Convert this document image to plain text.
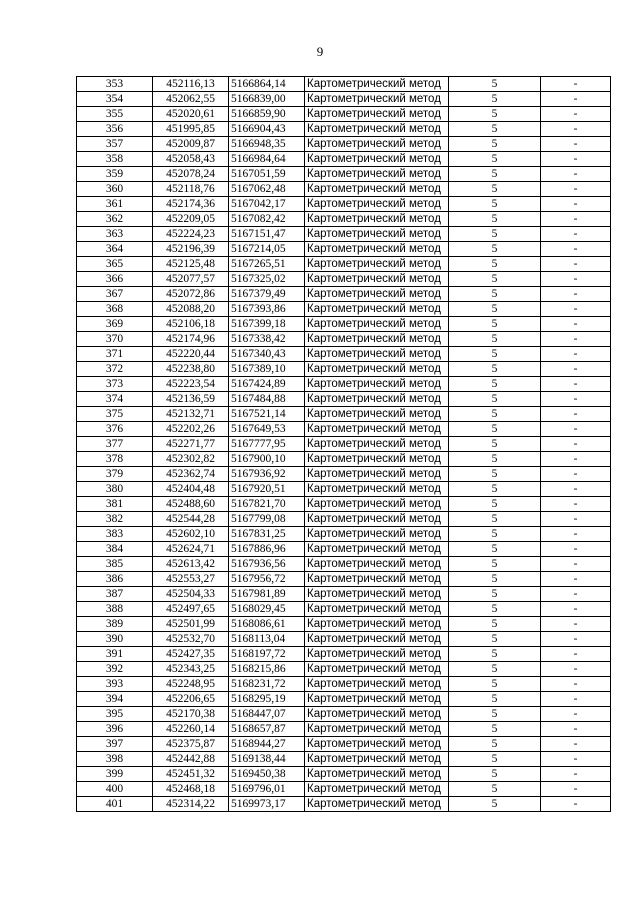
9
353	452116,13	5166864,14	Картометрический метод	5	-
354	452062,55	5166839,00	Картометрический метод	5	-
355	452020,61	5166859,90	Картометрический метод	5	-
356	451995,85	5166904,43	Картометрический метод	5	-
357	452009,87	5166948,35	Картометрический метод	5	-
358	452058,43	5166984,64	Картометрический метод	5	-
359	452078,24	5167051,59	Картометрический метод	5	-
360	452118,76	5167062,48	Картометрический метод	5	-
361	452174,36	5167042,17	Картометрический метод	5	-
362	452209,05	5167082,42	Картометрический метод	5	-
363	452224,23	5167151,47	Картометрический метод	5	-
364	452196,39	5167214,05	Картометрический метод	5	-
365	452125,48	5167265,51	Картометрический метод	5	-
366	452077,57	5167325,02	Картометрический метод	5	-
367	452072,86	5167379,49	Картометрический метод	5	-
368	452088,20	5167393,86	Картометрический метод	5	-
369	452106,18	5167399,18	Картометрический метод	5	-
370	452174,96	5167338,42	Картометрический метод	5	-
371	452220,44	5167340,43	Картометрический метод	5	-
372	452238,80	5167389,10	Картометрический метод	5	-
373	452223,54	5167424,89	Картометрический метод	5	-
374	452136,59	5167484,88	Картометрический метод	5	-
375	452132,71	5167521,14	Картометрический метод	5	-
376	452202,26	5167649,53	Картометрический метод	5	-
377	452271,77	5167777,95	Картометрический метод	5	-
378	452302,82	5167900,10	Картометрический метод	5	-
379	452362,74	5167936,92	Картометрический метод	5	-
380	452404,48	5167920,51	Картометрический метод	5	-
381	452488,60	5167821,70	Картометрический метод	5	-
382	452544,28	5167799,08	Картометрический метод	5	-
383	452602,10	5167831,25	Картометрический метод	5	-
384	452624,71	5167886,96	Картометрический метод	5	-
385	452613,42	5167936,56	Картометрический метод	5	-
386	452553,27	5167956,72	Картометрический метод	5	-
387	452504,33	5167981,89	Картометрический метод	5	-
388	452497,65	5168029,45	Картометрический метод	5	-
389	452501,99	5168086,61	Картометрический метод	5	-
390	452532,70	5168113,04	Картометрический метод	5	-
391	452427,35	5168197,72	Картометрический метод	5	-
392	452343,25	5168215,86	Картометрический метод	5	-
393	452248,95	5168231,72	Картометрический метод	5	-
394	452206,65	5168295,19	Картометрический метод	5	-
395	452170,38	5168447,07	Картометрический метод	5	-
396	452260,14	5168657,87	Картометрический метод	5	-
397	452375,87	5168944,27	Картометрический метод	5	-
398	452442,88	5169138,44	Картометрический метод	5	-
399	452451,32	5169450,38	Картометрический метод	5	-
400	452468,18	5169796,01	Картометрический метод	5	-
401	452314,22	5169973,17	Картометрический метод	5	-
